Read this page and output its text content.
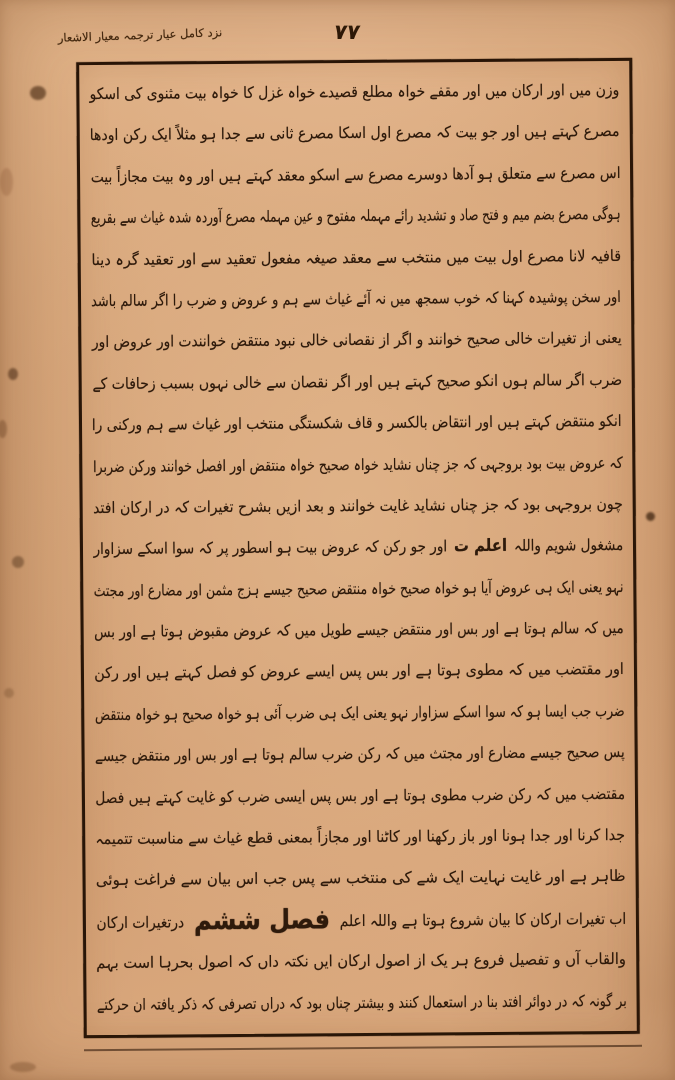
نزد کامل عیار ترجمہ معیار الاشعار	۷۷
وزن میں اور ارکان میں اور مقفے خواہ مطلع قصیدے خواہ غزل کا خواہ بیت مثنوی کی اسکو
مصرع کہتے ہیں اور جو بیت کہ مصرع اول اسکا مصرع ثانی سے جدا ہو مثلاً ایک رکن اودھا
اس مصرع سے متعلق ہو آدھا دوسرے مصرع سے اسکو معقد کہتے ہیں اور وہ بیت مجازاً بیت
ہوگی مصرع بضم میم و فتح صاد و تشدید رائے مہملہ مفتوح و عین مہملہ مصرع آوردہ شدہ غیاث سے بقریع
قافیہ لانا مصرع اول بیت میں منتخب سے معقد صیغہ مفعول تعقید سے اور تعقید گرہ دینا
اور سخن پوشیدہ کہنا کہ خوب سمجھ میں نہ آئے غیاث سے ہم و عروض و ضرب را اگر سالم باشد
یعنی از تغیرات خالی صحیح خوانند و اگر از نقصانی خالی نبود منتقض خوانندت اور عروض اور
ضرب اگر سالم ہوں انکو صحیح کہتے ہیں اور اگر نقصان سے خالی نہوں بسبب زحافات کے
انکو منتقض کہتے ہیں اور انتقاض بالکسر و قاف شکستگی منتخب اور غیاث سے ہم ورکنی را
کہ عروض بیت بود بروجہی کہ جز چناں نشاید خواہ صحیح خواہ منتقض اور افصل خوانند ورکن ضربرا
چون بروجہی بود کہ جز چناں نشاید غایت خوانند و بعد ازیں بشرح تغیرات کہ در ارکان افتد
مشغول شویم واللہ اعلم ت اور جو رکن کہ عروض بیت ہو اسطور پر کہ سوا اسکے سزاوار
نہو یعنی ایک ہی عروض آیا ہو خواہ صحیح خواہ منتقض صحیح جیسے ہزج مثمن اور مضارع اور مجتث
میں کہ سالم ہوتا ہے اور بس اور منتقض جیسے طویل میں کہ عروض مقبوض ہوتا ہے اور بس
اور مقتضب میں کہ مطوی ہوتا ہے اور بس پس ایسے عروض کو فصل کہتے ہیں اور رکن
ضرب جب ایسا ہو کہ سوا اسکے سزاوار نہو یعنی ایک ہی ضرب آئی ہو خواہ صحیح ہو خواہ منتقض
پس صحیح جیسے مضارع اور مجتث میں کہ رکن ضرب سالم ہوتا ہے اور بس اور منتقض جیسے
مقتضب میں کہ رکن ضرب مطوی ہوتا ہے اور بس پس ایسی ضرب کو غایت کہتے ہیں فصل
جدا کرنا اور جدا ہونا اور باز رکھنا اور کاٹنا اور مجازاً بمعنی قطع غیاث سے مناسبت تتمیمہ
ظاہر ہے اور غایت نہایت ایک شے کی منتخب سے پس جب اس بیان سے فراغت ہوئی
اب تغیرات ارکان کا بیان شروع ہوتا ہے واللہ اعلم فصل ششم درتغیرات ارکان
والقاب آں و تفصیل فروع ہر یک از اصول ارکان ایں نکتہ داں کہ اصول بحرہا است بہم
بر گونہ کہ در دوائر افتد بنا در استعمال کنند و بیشتر چناں بود کہ دراں تصرفی کہ ذکر یافتہ ان حرکتے
